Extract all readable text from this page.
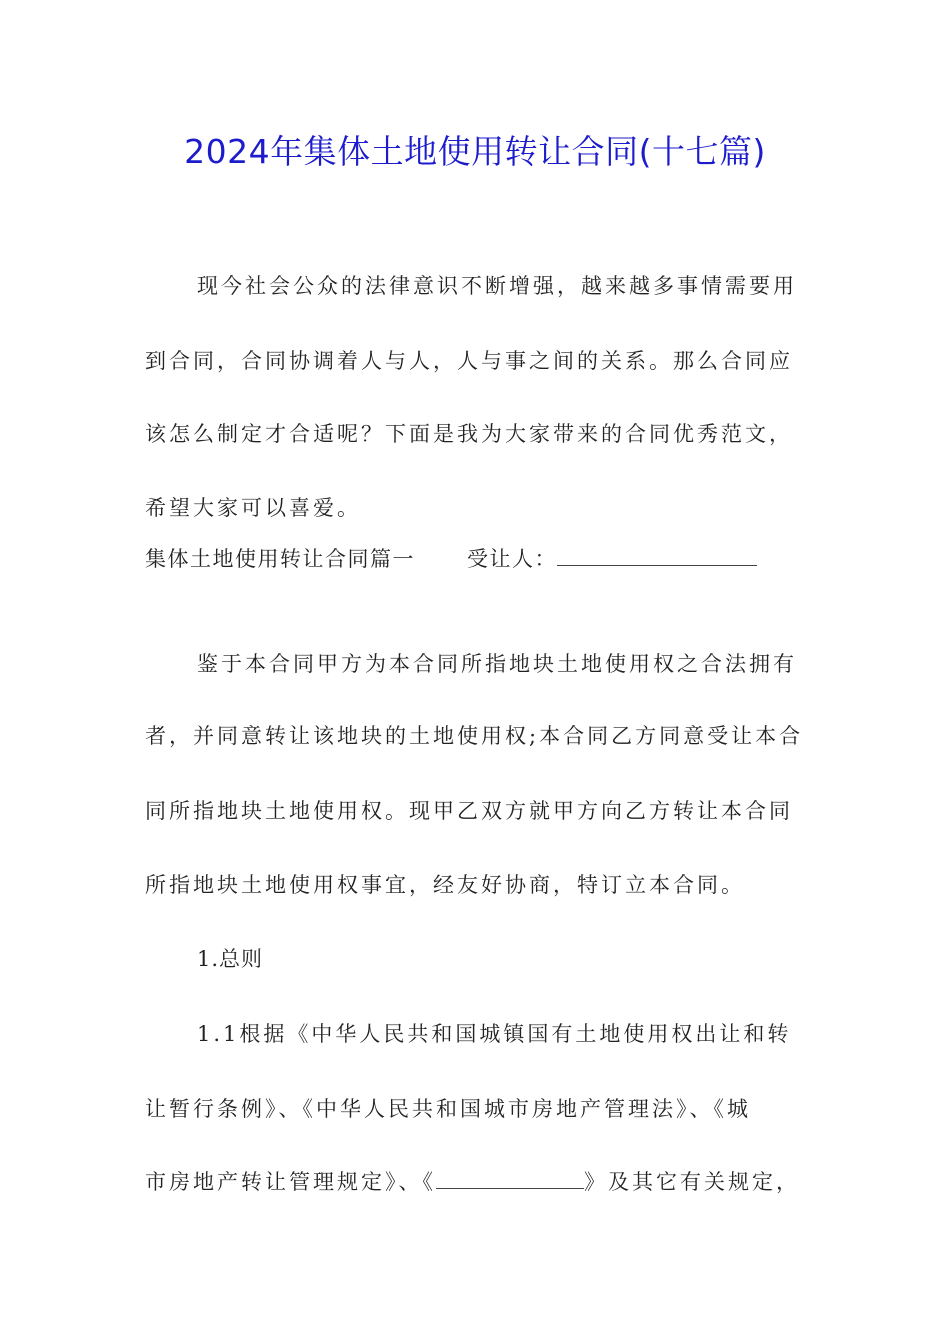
2024年集体土地使用转让合同(十七篇)
现今社会公众的法律意识不断增强，越来越多事情需要用
到合同，合同协调着人与人，人与事之间的关系。那么合同应
该怎么制定才合适呢？下面是我为大家带来的合同优秀范文，
希望大家可以喜爱。
集体土地使用转让合同篇一 受让人：
鉴于本合同甲方为本合同所指地块土地使用权之合法拥有
者，并同意转让该地块的土地使用权;本合同乙方同意受让本合
同所指地块土地使用权。现甲乙双方就甲方向乙方转让本合同
所指地块土地使用权事宜，经友好协商，特订立本合同。
1.总则
1.1根据《中华人民共和国城镇国有土地使用权出让和转
让暂行条例》、《中华人民共和国城市房地产管理法》、《城
市房地产转让管理规定》、《	》及其它有关规定，
